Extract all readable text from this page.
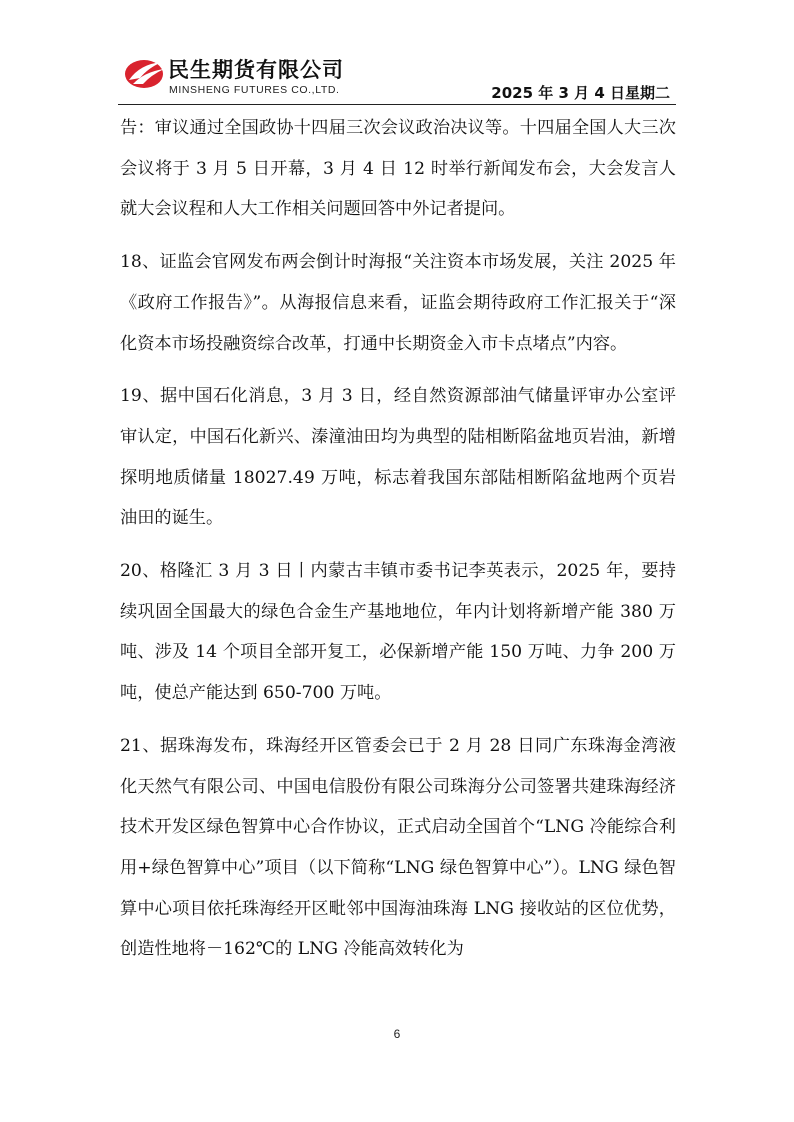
民生期货有限公司
MINSHENG FUTURES CO.,LTD.	2025 年 3 月 4 日星期二

告：审议通过全国政协十四届三次会议政治决议等。十四届全国人大三次会议将于 3 月 5 日开幕，3 月 4 日 12 时举行新闻发布会，大会发言人就大会议程和人大工作相关问题回答中外记者提问。

18、证监会官网发布两会倒计时海报“关注资本市场发展，关注 2025 年《政府工作报告》”。从海报信息来看，证监会期待政府工作汇报关于“深化资本市场投融资综合改革，打通中长期资金入市卡点堵点”内容。

19、据中国石化消息，3 月 3 日，经自然资源部油气储量评审办公室评审认定，中国石化新兴、溱潼油田均为典型的陆相断陷盆地页岩油，新增探明地质储量 18027.49 万吨，标志着我国东部陆相断陷盆地两个页岩油田的诞生。

20、格隆汇 3 月 3 日丨内蒙古丰镇市委书记李英表示，2025 年，要持续巩固全国最大的绿色合金生产基地地位，年内计划将新增产能 380 万吨、涉及 14 个项目全部开复工，必保新增产能 150 万吨、力争 200 万吨，使总产能达到 650-700 万吨。

21、据珠海发布，珠海经开区管委会已于 2 月 28 日同广东珠海金湾液化天然气有限公司、中国电信股份有限公司珠海分公司签署共建珠海经济技术开发区绿色智算中心合作协议，正式启动全国首个“LNG 冷能综合利用+绿色智算中心”项目（以下简称“LNG 绿色智算中心”）。LNG 绿色智算中心项目依托珠海经开区毗邻中国海油珠海 LNG 接收站的区位优势，创造性地将－162℃的 LNG 冷能高效转化为

6
